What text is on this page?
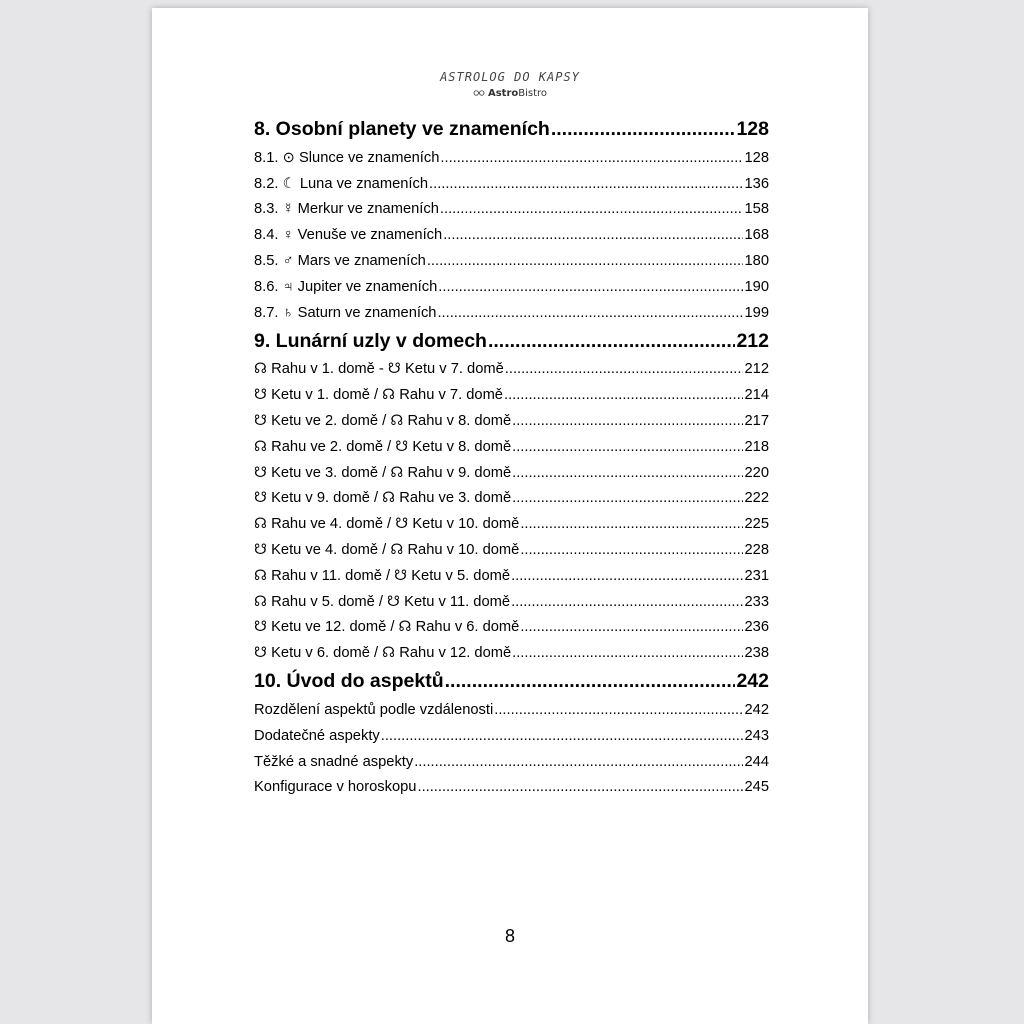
ASTROLOG DO KAPSY
AstroBistro
8. Osobní planety ve znameních .....	128
8.1. ⊙ Slunce ve znameních .....	128
8.2. ☾ Luna ve znameních .....	136
8.3. ☿ Merkur ve znameních .....	158
8.4. ♀ Venuše ve znameních .....	168
8.5. ♂ Mars ve znameních .....	180
8.6. ♃ Jupiter ve znameních .....	190
8.7. ♄ Saturn ve znameních .....	199
9. Lunární uzly v domech .....	212
☊ Rahu v 1. domě - ☋ Ketu v 7. domě .....	212
☋ Ketu v 1. domě / ☊ Rahu v 7. domě .....	214
☋ Ketu ve 2. domě / ☊ Rahu v 8. domě .....	217
☊ Rahu ve 2. domě / ☋ Ketu v 8. domě .....	218
☋ Ketu ve 3. domě / ☊ Rahu v 9. domě .....	220
☋ Ketu v 9. domě / ☊ Rahu ve 3. domě .....	222
☊ Rahu ve 4. domě / ☋ Ketu v 10. domě .....	225
☋ Ketu ve 4. domě / ☊ Rahu v 10. domě .....	228
☊ Rahu v 11. domě / ☋ Ketu v 5. domě .....	231
☊ Rahu v 5. domě / ☋ Ketu v 11. domě .....	233
☋ Ketu ve 12. domě / ☊ Rahu v 6. domě .....	236
☋ Ketu v 6. domě / ☊ Rahu v 12. domě .....	238
10. Úvod do aspektů .....	242
Rozdělení aspektů podle vzdálenosti .....	242
Dodatečné aspekty .....	243
Těžké a snadné aspekty .....	244
Konfigurace v horoskopu .....	245
8
